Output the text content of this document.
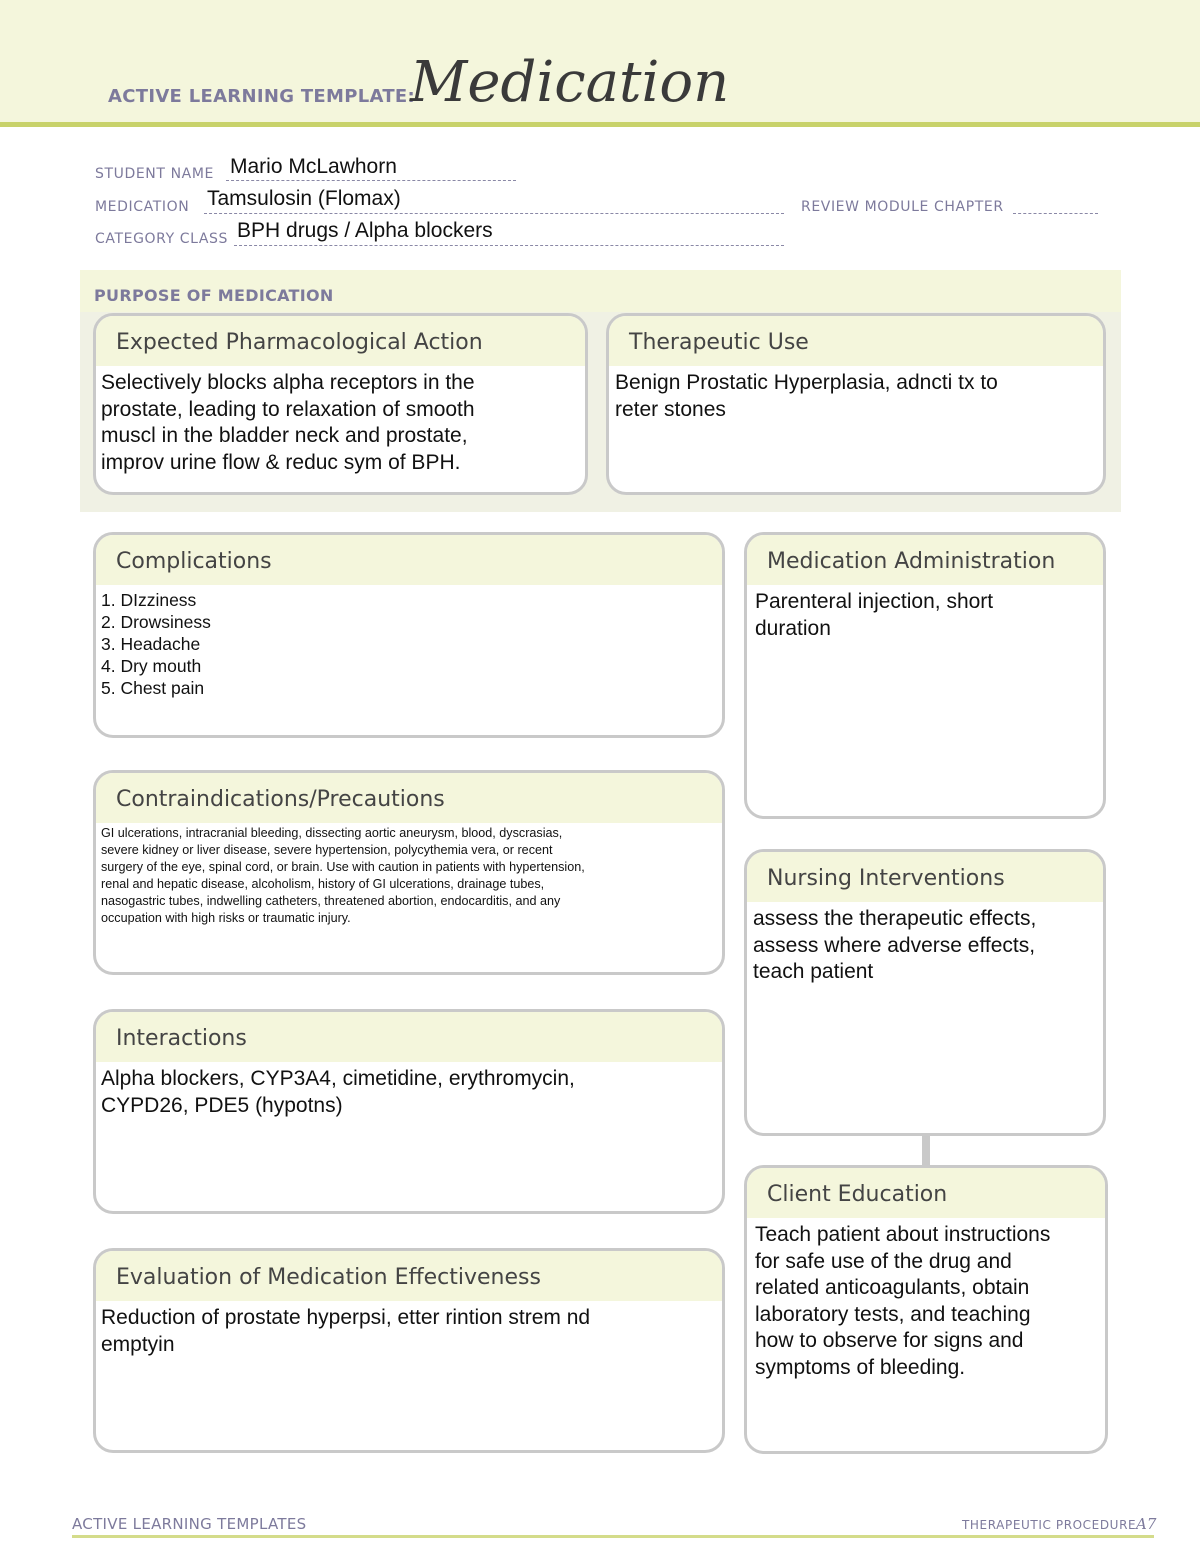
ACTIVE LEARNING TEMPLATE:
Medication
STUDENT NAME Mario McLawhorn
MEDICATION Tamsulosin (Flomax)	REVIEW MODULE CHAPTER
CATEGORY CLASS BPH drugs / Alpha blockers
PURPOSE OF MEDICATION
Expected Pharmacological Action
Selectively blocks alpha receptors in the
prostate, leading to relaxation of smooth
muscl in the bladder neck and prostate,
improv urine flow & reduc sym of BPH.
Therapeutic Use
Benign Prostatic Hyperplasia, adncti tx to
reter stones
Complications
1. DIzziness
2. Drowsiness
3. Headache
4. Dry mouth
5. Chest pain
Contraindications/Precautions
GI ulcerations, intracranial bleeding, dissecting aortic aneurysm, blood, dyscrasias,
severe kidney or liver disease, severe hypertension, polycythemia vera, or recent
surgery of the eye, spinal cord, or brain. Use with caution in patients with hypertension,
renal and hepatic disease, alcoholism, history of GI ulcerations, drainage tubes,
nasogastric tubes, indwelling catheters, threatened abortion, endocarditis, and any
occupation with high risks or traumatic injury.
Interactions
Alpha blockers, CYP3A4, cimetidine, erythromycin,
CYPD26, PDE5 (hypotns)
Evaluation of Medication Effectiveness
Reduction of prostate hyperpsi, etter rintion strem nd
emptyin
Medication Administration
Parenteral injection, short
duration
Nursing Interventions
assess the therapeutic effects,
assess where adverse effects,
teach patient
Client Education
Teach patient about instructions
for safe use of the drug and
related anticoagulants, obtain
laboratory tests, and teaching
how to observe for signs and
symptoms of bleeding.
ACTIVE LEARNING TEMPLATES	THERAPEUTIC PROCEDURE A7
